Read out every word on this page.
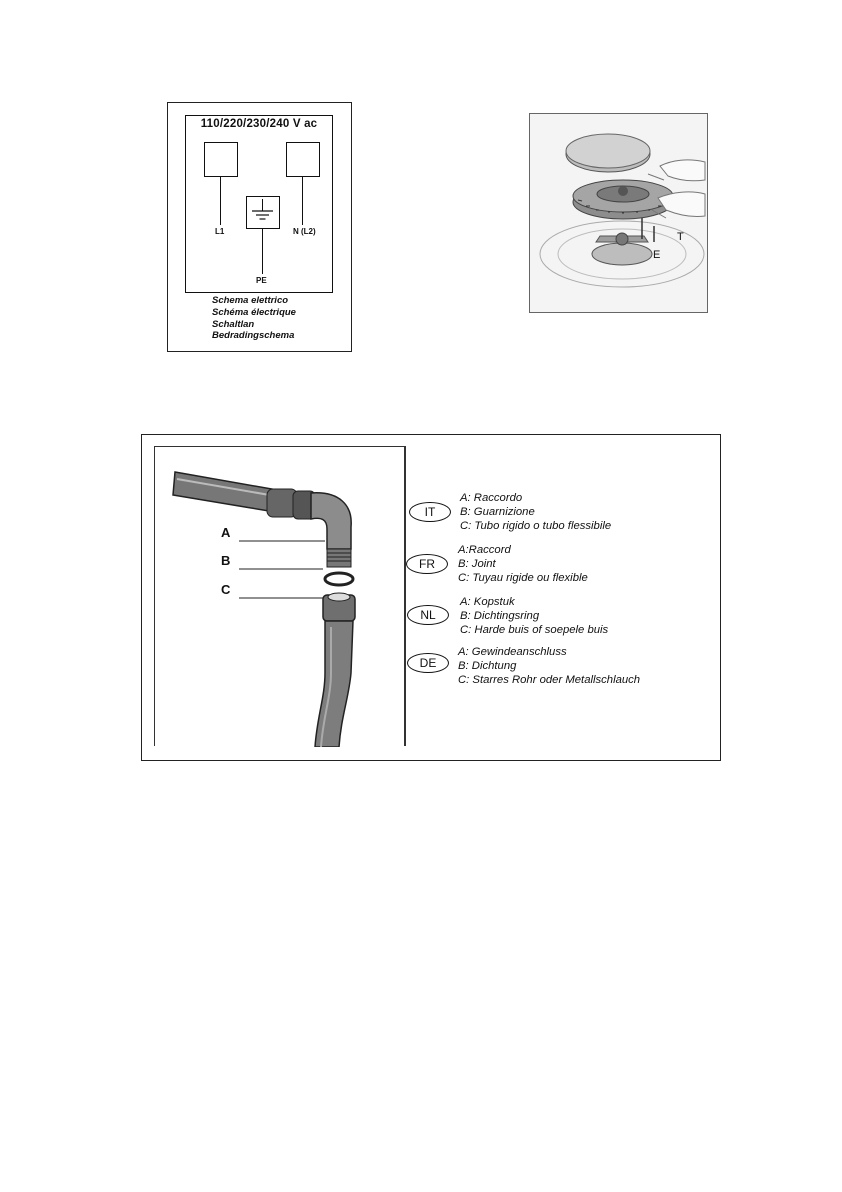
110/220/230/240 V ac
L1	N (L2)
PE
Schema elettrico
Schéma électrique
Schaltlan
Bedradingschema
T
E
A
B
C
IT
A: Raccordo
B: Guarnizione
C: Tubo rigido o tubo flessibile
FR
A:Raccord
B: Joint
C: Tuyau rigide ou flexible
NL
A: Kopstuk
B: Dichtingsring
C: Harde buis of soepele buis
DE
A: Gewindeanschluss
B: Dichtung
C: Starres Rohr oder Metallschlauch
